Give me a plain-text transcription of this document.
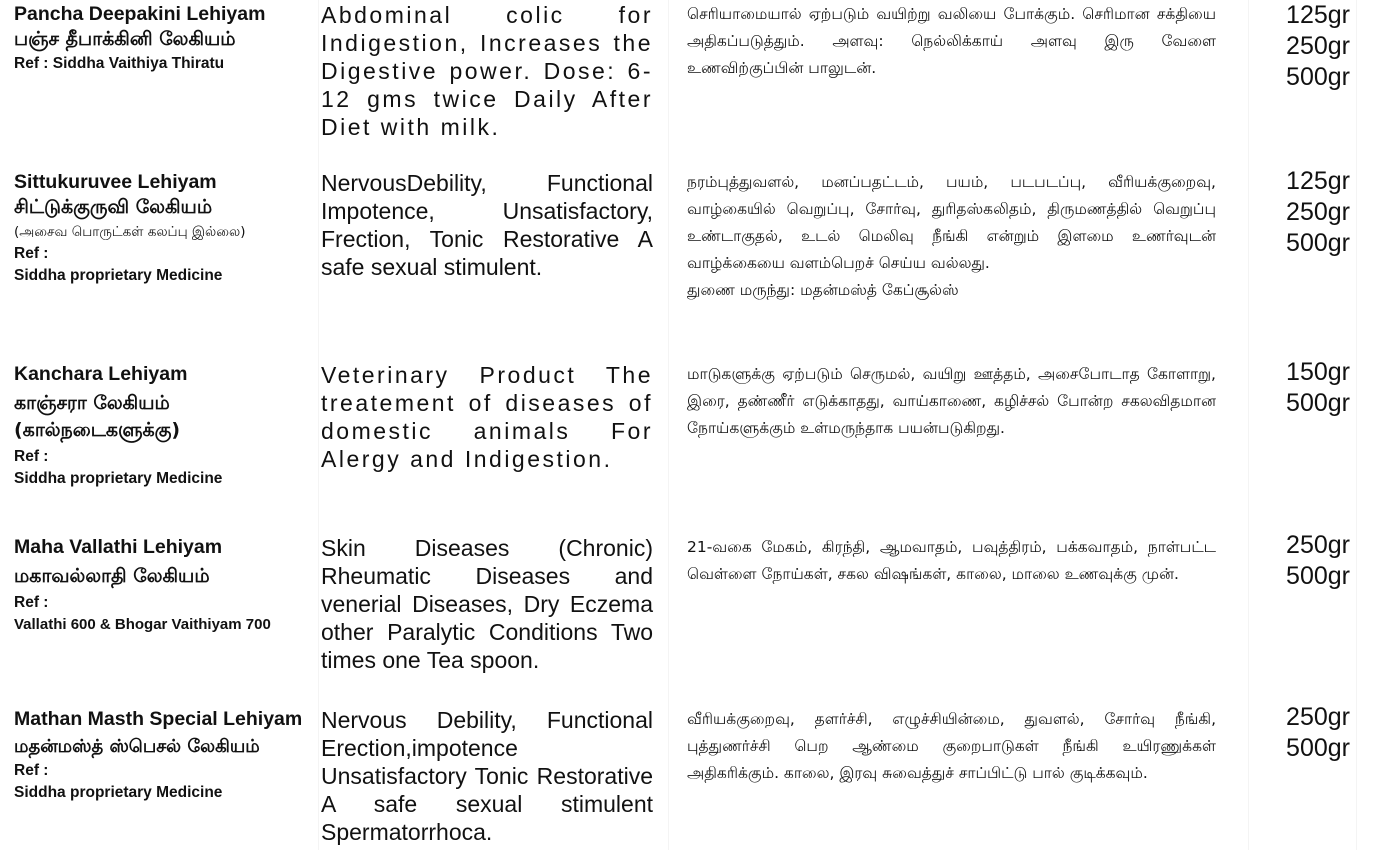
Pancha Deepakini Lehiyam
பஞ்ச தீபாக்கினி லேகியம்
Ref : Siddha Vaithiya Thiratu
Abdominal colic for Indigestion, Increases the Digestive power. Dose: 6-12 gms twice Daily After Diet with milk.
செரியாமையால் ஏற்படும் வயிற்று வலியை போக்கும். செரிமான சக்தியை அதிகப்படுத்தும். அளவு: நெல்லிக்காய் அளவு இரு வேளை உணவிற்குப்பின் பாலுடன்.
125gr
250gr
500gr
Sittukuruvee Lehiyam
சிட்டுக்குருவி லேகியம்
(அசைவ பொருட்கள் கலப்பு இல்லை)
Ref :
Siddha proprietary Medicine
NervousDebility, Functional Impotence, Unsatisfactory, Frection, Tonic Restorative A safe sexual stimulent.
நரம்புத்துவளல், மனப்பதட்டம், பயம், படபடப்பு, வீரியக்குறைவு, வாழ்கையில் வெறுப்பு, சோர்வு, துரிதஸ்கலிதம், திருமணத்தில் வெறுப்பு உண்டாகுதல், உடல் மெலிவு நீங்கி என்றும் இளமை உணர்வுடன் வாழ்க்கையை வளம்பெறச் செய்ய வல்லது.
துணை மருந்து: மதன்மஸ்த் கேப்சூல்ஸ்
125gr
250gr
500gr
Kanchara Lehiyam
காஞ்சரா லேகியம்
(கால்நடைகளுக்கு)
Ref :
Siddha proprietary Medicine
Veterinary Product The treatement of diseases of domestic animals For Alergy and Indigestion.
மாடுகளுக்கு ஏற்படும் செருமல், வயிறு ஊத்தம், அசைபோடாத கோளாறு, இரை, தண்ணீர் எடுக்காதது, வாய்காணை, கழிச்சல் போன்ற சகலவிதமான நோய்களுக்கும் உள்மருந்தாக பயன்படுகிறது.
150gr
500gr
Maha Vallathi Lehiyam
மகாவல்லாதி லேகியம்
Ref :
Vallathi 600 & Bhogar Vaithiyam 700
Skin Diseases (Chronic) Rheumatic Diseases and venerial Diseases, Dry Eczema other Paralytic Conditions Two times one Tea spoon.
21-வகை மேகம், கிரந்தி, ஆமவாதம், பவுத்திரம், பக்கவாதம், நாள்பட்ட வெள்ளை நோய்கள், சகல விஷங்கள், காலை, மாலை உணவுக்கு முன்.
250gr
500gr
Mathan Masth Special Lehiyam
மதன்மஸ்த் ஸ்பெசல் லேகியம்
Ref :
Siddha proprietary Medicine
Nervous Debility, Functional Erection,impotence Unsatisfactory Tonic Restorative A safe sexual stimulent Spermatorrhoca.
வீரியக்குறைவு, தளர்ச்சி, எழுச்சியின்மை, துவளல், சோர்வு நீங்கி, புத்துணர்ச்சி பெற ஆண்மை குறைபாடுகள் நீங்கி உயிரணுக்கள் அதிகரிக்கும். காலை, இரவு சுவைத்துச் சாப்பிட்டு பால் குடிக்கவும்.
250gr
500gr
